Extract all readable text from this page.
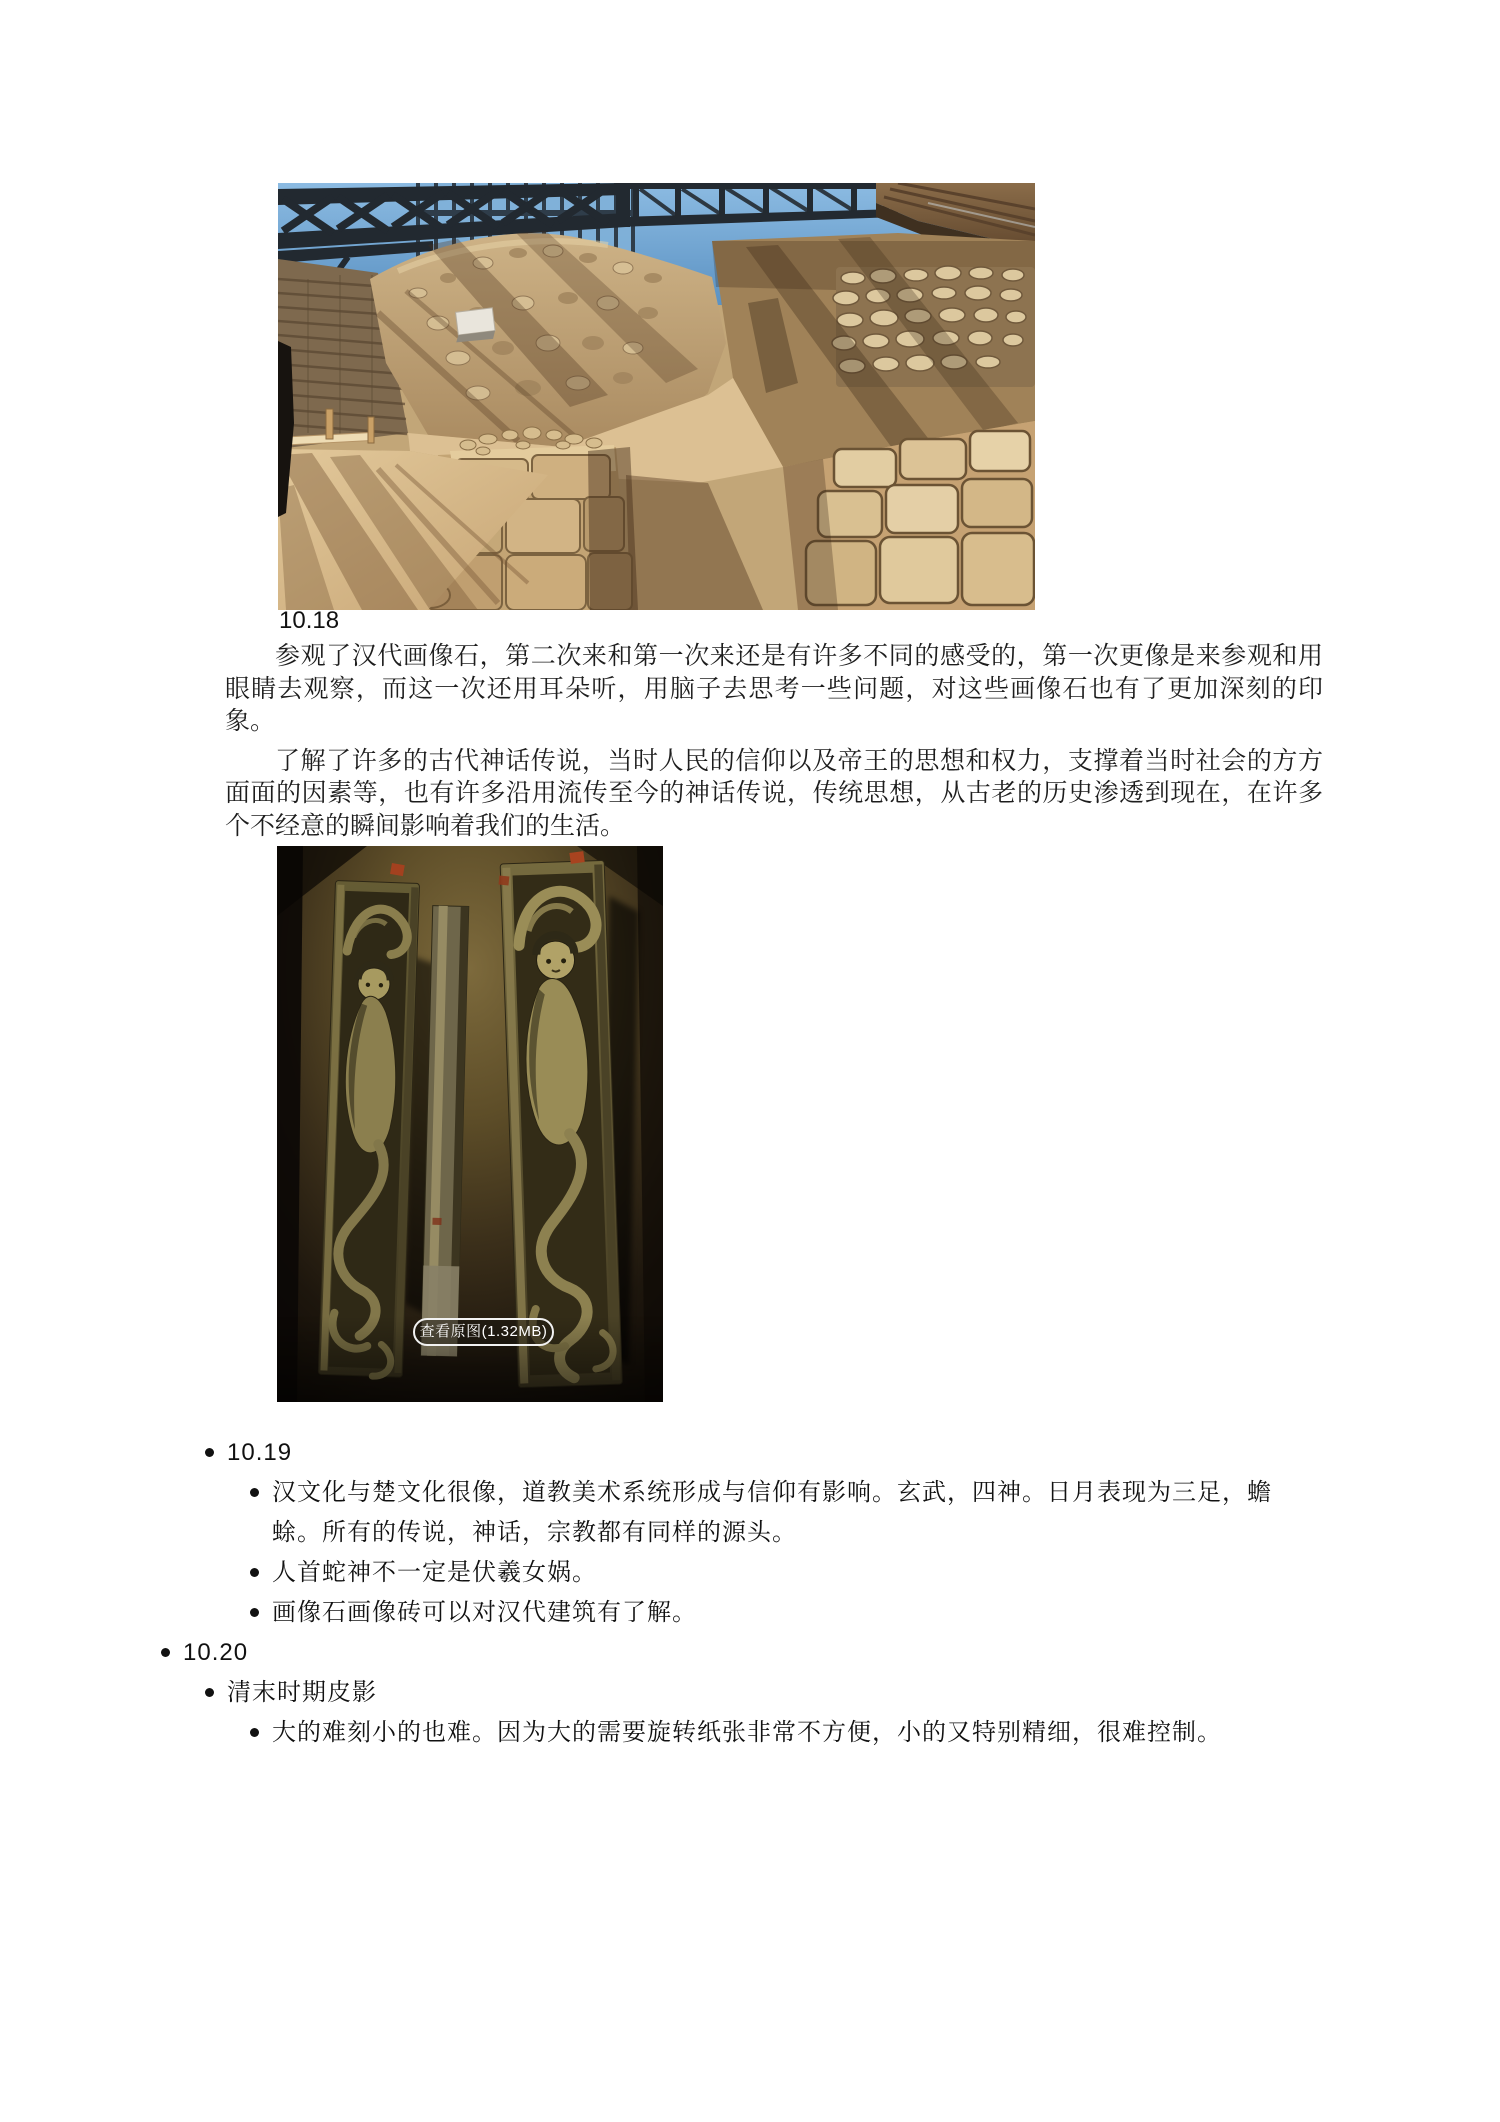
10.18

参观了汉代画像石，第二次来和第一次来还是有许多不同的感受的，第一次更像是来参观和用眼睛去观察，而这一次还用耳朵听，用脑子去思考一些问题，对这些画像石也有了更加深刻的印象。

了解了许多的古代神话传说，当时人民的信仰以及帝王的思想和权力，支撑着当时社会的方方面面的因素等，也有许多沿用流传至今的神话传说，传统思想，从古老的历史渗透到现在，在许多个不经意的瞬间影响着我们的生活。

查看原图(1.32MB)
10.19
汉文化与楚文化很像，道教美术系统形成与信仰有影响。玄武，四神。日月表现为三足，蟾蜍。所有的传说，神话，宗教都有同样的源头。
人首蛇神不一定是伏羲女娲。
画像石画像砖可以对汉代建筑有了解。
10.20
清末时期皮影
大的难刻小的也难。因为大的需要旋转纸张非常不方便，小的又特别精细，很难控制。
